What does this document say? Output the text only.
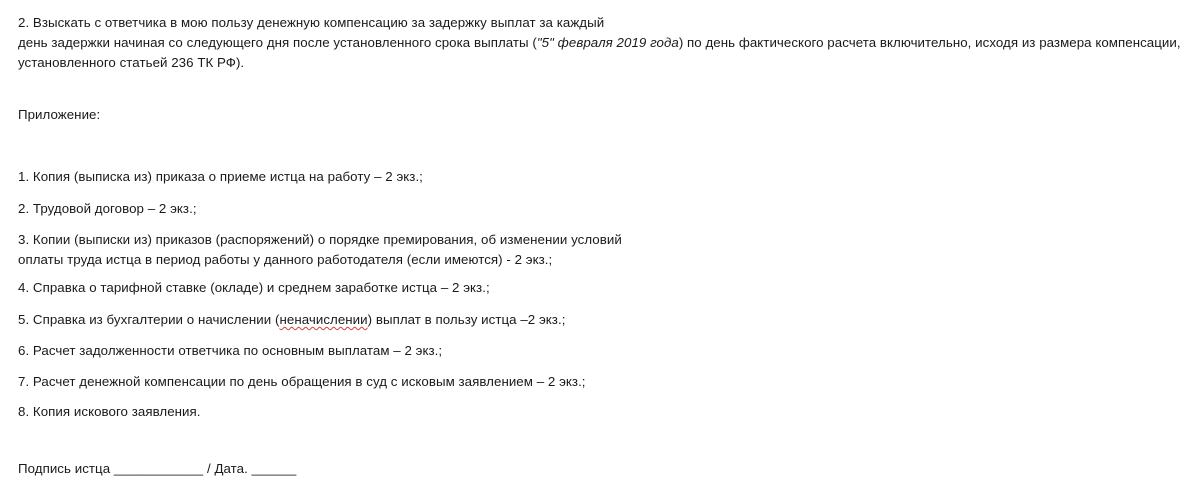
2. Взыскать с ответчика в мою пользу денежную компенсацию за задержку выплат за каждый
день задержки начиная со следующего дня после установленного срока выплаты ("5" февраля 2019 года) по день фактического расчета включительно, исходя из размера компенсации,
установленного статьей 236 ТК РФ).
Приложение:
1. Копия (выписка из) приказа о приеме истца на работу – 2 экз.;
2. Трудовой договор – 2 экз.;
3. Копии (выписки из) приказов (распоряжений) о порядке премирования, об изменении условий
оплаты труда истца в период работы у данного работодателя (если имеются) - 2 экз.;
4. Справка о тарифной ставке (окладе) и среднем заработке истца – 2 экз.;
5. Справка из бухгалтерии о начислении (неначислении) выплат в пользу истца –2 экз.;
6. Расчет задолженности ответчика по основным выплатам – 2 экз.;
7. Расчет денежной компенсации по день обращения в суд с исковым заявлением – 2 экз.;
8. Копия искового заявления.
Подпись истца ____________ / Дата. ______
